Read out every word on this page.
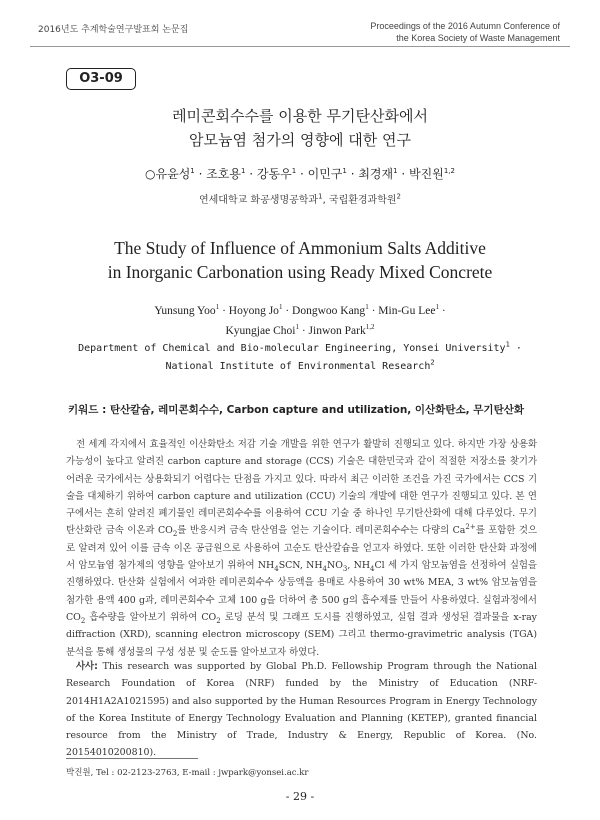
2016년도 추계학술연구발표회 논문집	Proceedings of the 2016 Autumn Conference of
the Korea Society of Waste Management
O3-09
레미콘회수수를 이용한 무기탄산화에서
암모늄염 첨가의 영향에 대한 연구
○유윤성$^1$ · 조호용$^1$ · 강동우$^1$ · 이민구$^1$ · 최경재$^1$ · 박진원$^{1,2}$
연세대학교 화공생명공학과$^1$, 국립환경과학원$^2$
The Study of Influence of Ammonium Salts Additive
in Inorganic Carbonation using Ready Mixed Concrete
Yunsung Yoo$^1$ · Hoyong $Jo^1$ · Dongwoo Kang$^1$ · Min-Gu Lee$^1$ ·
Kyungjae Choi$^1$ · Jinwon Park$^{1,2}$
Department of Chemical and Bio-molecular Engineering, Yonsei University$^1$ ·
National Institute of Environmental Research$^2$
키워드 : 탄산칼슘, 레미콘회수수, Carbon capture and utilization, 이산화탄소, 무기탄산화

전 세계 각지에서 효율적인 이산화탄소 저감 기술 개발을 위한 연구가 활발히 진행되고 있다. 하지만 가장 상용화 가능성이 높다고 알려진 carbon capture and storage (CCS) 기술은 대한민국과 같이 적절한 저장소를 찾기가 어려운 국가에서는 상용화되기 어렵다는 단점을 가지고 있다. 따라서 최근 이러한 조건을 가진 국가에서는 CCS 기술을 대체하기 위하여 carbon capture and utilization (CCU) 기술의 개발에 대한 연구가 진행되고 있다. 본 연구에서는 흔히 알려진 폐기물인 레미콘회수수를 이용하여 CCU 기술 중 하나인 무기탄산화에 대해 다루었다. 무기탄산화란 금속 이온과 $CO_2$를 반응시켜 금속 탄산염을 얻는 기술이다. 레미콘회수수는 다량의 $Ca^{2+}$를 포함한 것으로 알려져 있어 이를 금속 이온 공급원으로 사용하여 고순도 탄산칼슘을 얻고자 하였다. 또한 이러한 탄산화 과정에서 암모늄염 첨가제의 영향을 알아보기 위하여 $NH_4SCN$, $NH_4NO_3$, $NH_4Cl$ 세 가지 암모늄염을 선정하여 실험을 진행하였다. 탄산화 실험에서 여과한 레미콘회수수 상등액을 용매로 사용하여 30 wt% MEA, 3 wt% 암모늄염을 첨가한 용액 400 g과, 레미콘회수수 고체 100 g을 더하여 총 500 g의 흡수제를 만들어 사용하였다. 실험과정에서 $CO_2$ 흡수량을 알아보기 위하여 $CO_2$ 로딩 분석 및 그래프 도시를 진행하였고, 실험 결과 생성된 결과물을 x-ray diffraction (XRD), scanning electron microscopy (SEM) 그리고 thermo-gravimetric analysis (TGA) 분석을 통해 생성물의 구성 성분 및 순도를 알아보고자 하였다.

사사: This research was supported by Global Ph.D. Fellowship Program through the National Research Foundation of Korea (NRF) funded by the Ministry of Education (NRF-2014H1A2A1021595) and also supported by the Human Resources Program in Energy Technology of the Korea Institute of Energy Technology Evaluation and Planning (KETEP), granted financial resource from the Ministry of Trade, Industry & Energy, Republic of Korea. (No. 20154010200810).

박진원, Tel : 02-2123-2763, E-mail : jwpark@yonsei.ac.kr
- 29 -
